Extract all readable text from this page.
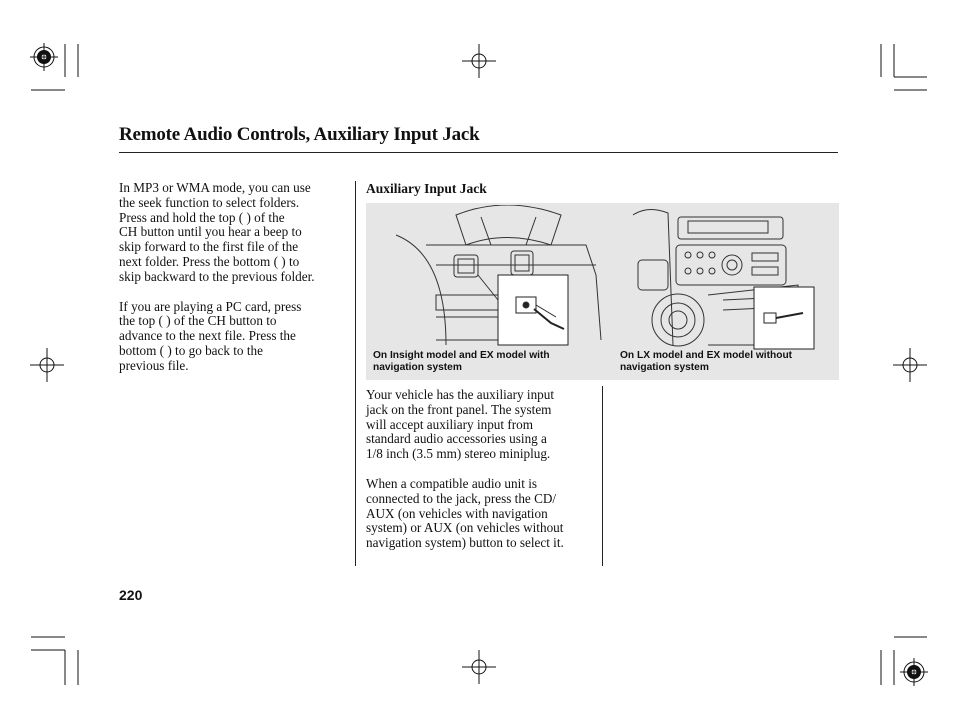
Remote Audio Controls, Auxiliary Input Jack
In MP3 or WMA mode, you can use
the seek function to select folders.
Press and hold the top ( ) of the
CH button until you hear a beep to
skip forward to the first file of the
next folder. Press the bottom ( ) to
skip backward to the previous folder.
If you are playing a PC card, press
the top ( ) of the CH button to
advance to the next file. Press the
bottom ( ) to go back to the
previous file.
Auxiliary Input Jack
On Insight model and EX model with
navigation system
On LX model and EX model without
navigation system
Your vehicle has the auxiliary input
jack on the front panel. The system
will accept auxiliary input from
standard audio accessories using a
1/8 inch (3.5 mm) stereo miniplug.
When a compatible audio unit is
connected to the jack, press the CD/
AUX (on vehicles with navigation
system) or AUX (on vehicles without
navigation system) button to select it.
220
